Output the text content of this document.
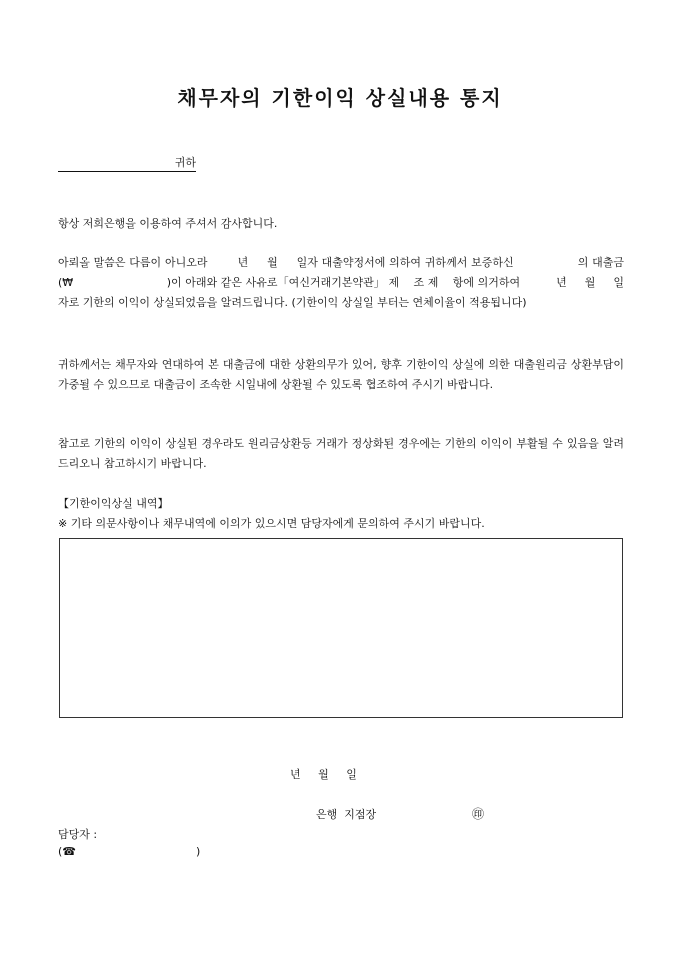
채무자의 기한이익 상실내용 통지
귀하
항상 저희은행을 이용하여 주셔서 감사합니다.
아뢰올 말씀은 다름이 아니오라        년     월     일자 대출약정서에 의하여 귀하께서 보증하신                 의 대출금(₩                          )이 아래와 같은 사유로「여신거래기본약관」 제    조 제    항에 의거하여          년     월     일자로 기한의 이익이 상실되었음을 알려드립니다. (기한이익 상실일 부터는 연체이율이 적용됩니다)
귀하께서는 채무자와 연대하여 본 대출금에 대한 상환의무가 있어, 향후 기한이익 상실에 의한 대출원리금 상환부담이 가중될 수 있으므로 대출금이 조속한 시일내에 상환될 수 있도록 협조하여 주시기 바랍니다.
참고로 기한의 이익이 상실된 경우라도 원리금상환등 거래가 정상화된 경우에는 기한의 이익이 부활될 수 있음을 알려드리오니 참고하시기 바랍니다.
【기한이익상실 내역】
※ 기타 의문사항이나 채무내역에 이의가 있으시면 담당자에게 문의하여 주시기 바랍니다.
년 월 일
은행  지점장	㊞
담당자 :
(☎	)
